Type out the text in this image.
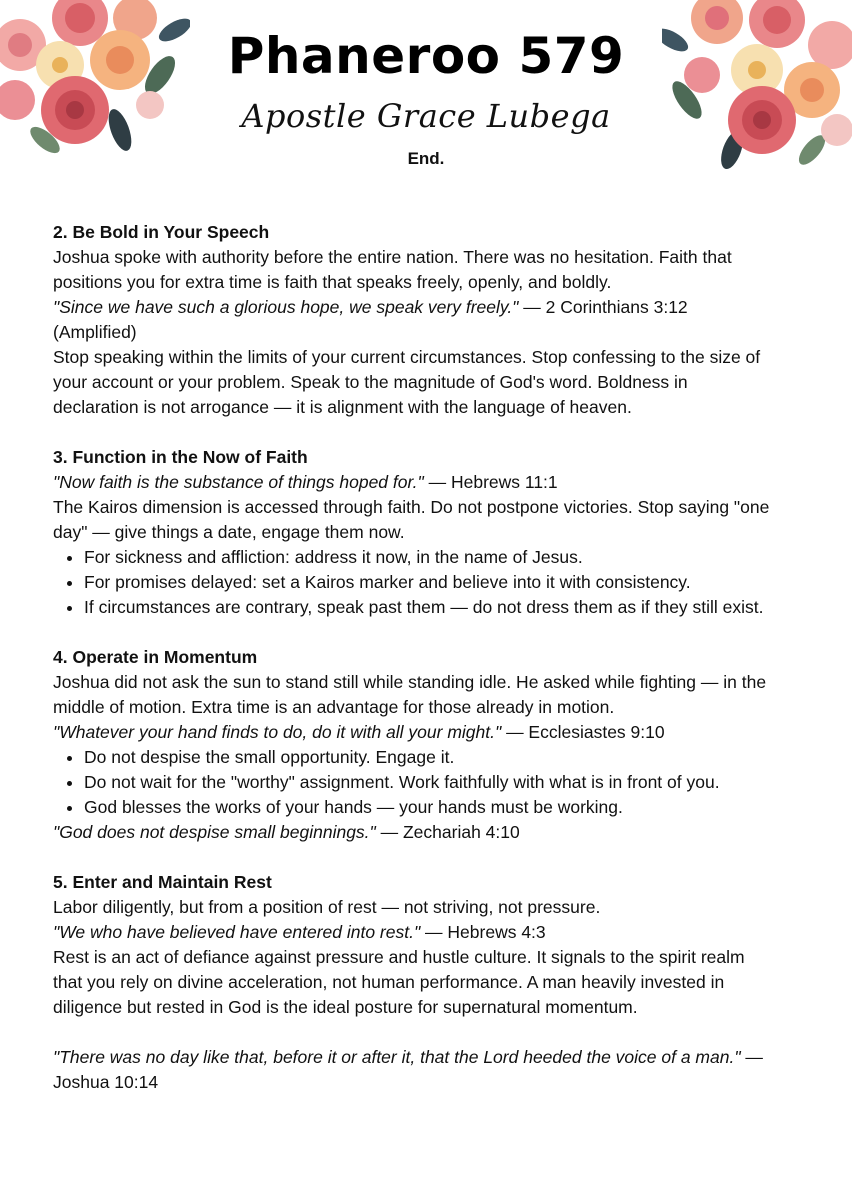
Phaneroo 579
Apostle Grace Lubega
End.
2. Be Bold in Your Speech

Joshua spoke with authority before the entire nation. There was no hesitation. Faith that positions you for extra time is faith that speaks freely, openly, and boldly.

"Since we have such a glorious hope, we speak very freely." — 2 Corinthians 3:12 (Amplified)

Stop speaking within the limits of your current circumstances. Stop confessing to the size of your account or your problem. Speak to the magnitude of God's word. Boldness in declaration is not arrogance — it is alignment with the language of heaven.

3. Function in the Now of Faith

"Now faith is the substance of things hoped for." — Hebrews 11:1

The Kairos dimension is accessed through faith. Do not postpone victories. Stop saying "one day" — give things a date, engage them now.

• For sickness and affliction: address it now, in the name of Jesus.
• For promises delayed: set a Kairos marker and believe into it with consistency.
• If circumstances are contrary, speak past them — do not dress them as if they still exist.
4. Operate in Momentum

Joshua did not ask the sun to stand still while standing idle. He asked while fighting — in the middle of motion. Extra time is an advantage for those already in motion.

"Whatever your hand finds to do, do it with all your might." — Ecclesiastes 9:10

• Do not despise the small opportunity. Engage it.
• Do not wait for the "worthy" assignment. Work faithfully with what is in front of you.
• God blesses the works of your hands — your hands must be working.

"God does not despise small beginnings." — Zechariah 4:10

5. Enter and Maintain Rest

Labor diligently, but from a position of rest — not striving, not pressure.

"We who have believed have entered into rest." — Hebrews 4:3

Rest is an act of defiance against pressure and hustle culture. It signals to the spirit realm that you rely on divine acceleration, not human performance. A man heavily invested in diligence but rested in God is the ideal posture for supernatural momentum.

"There was no day like that, before it or after it, that the Lord heeded the voice of a man." — Joshua 10:14
